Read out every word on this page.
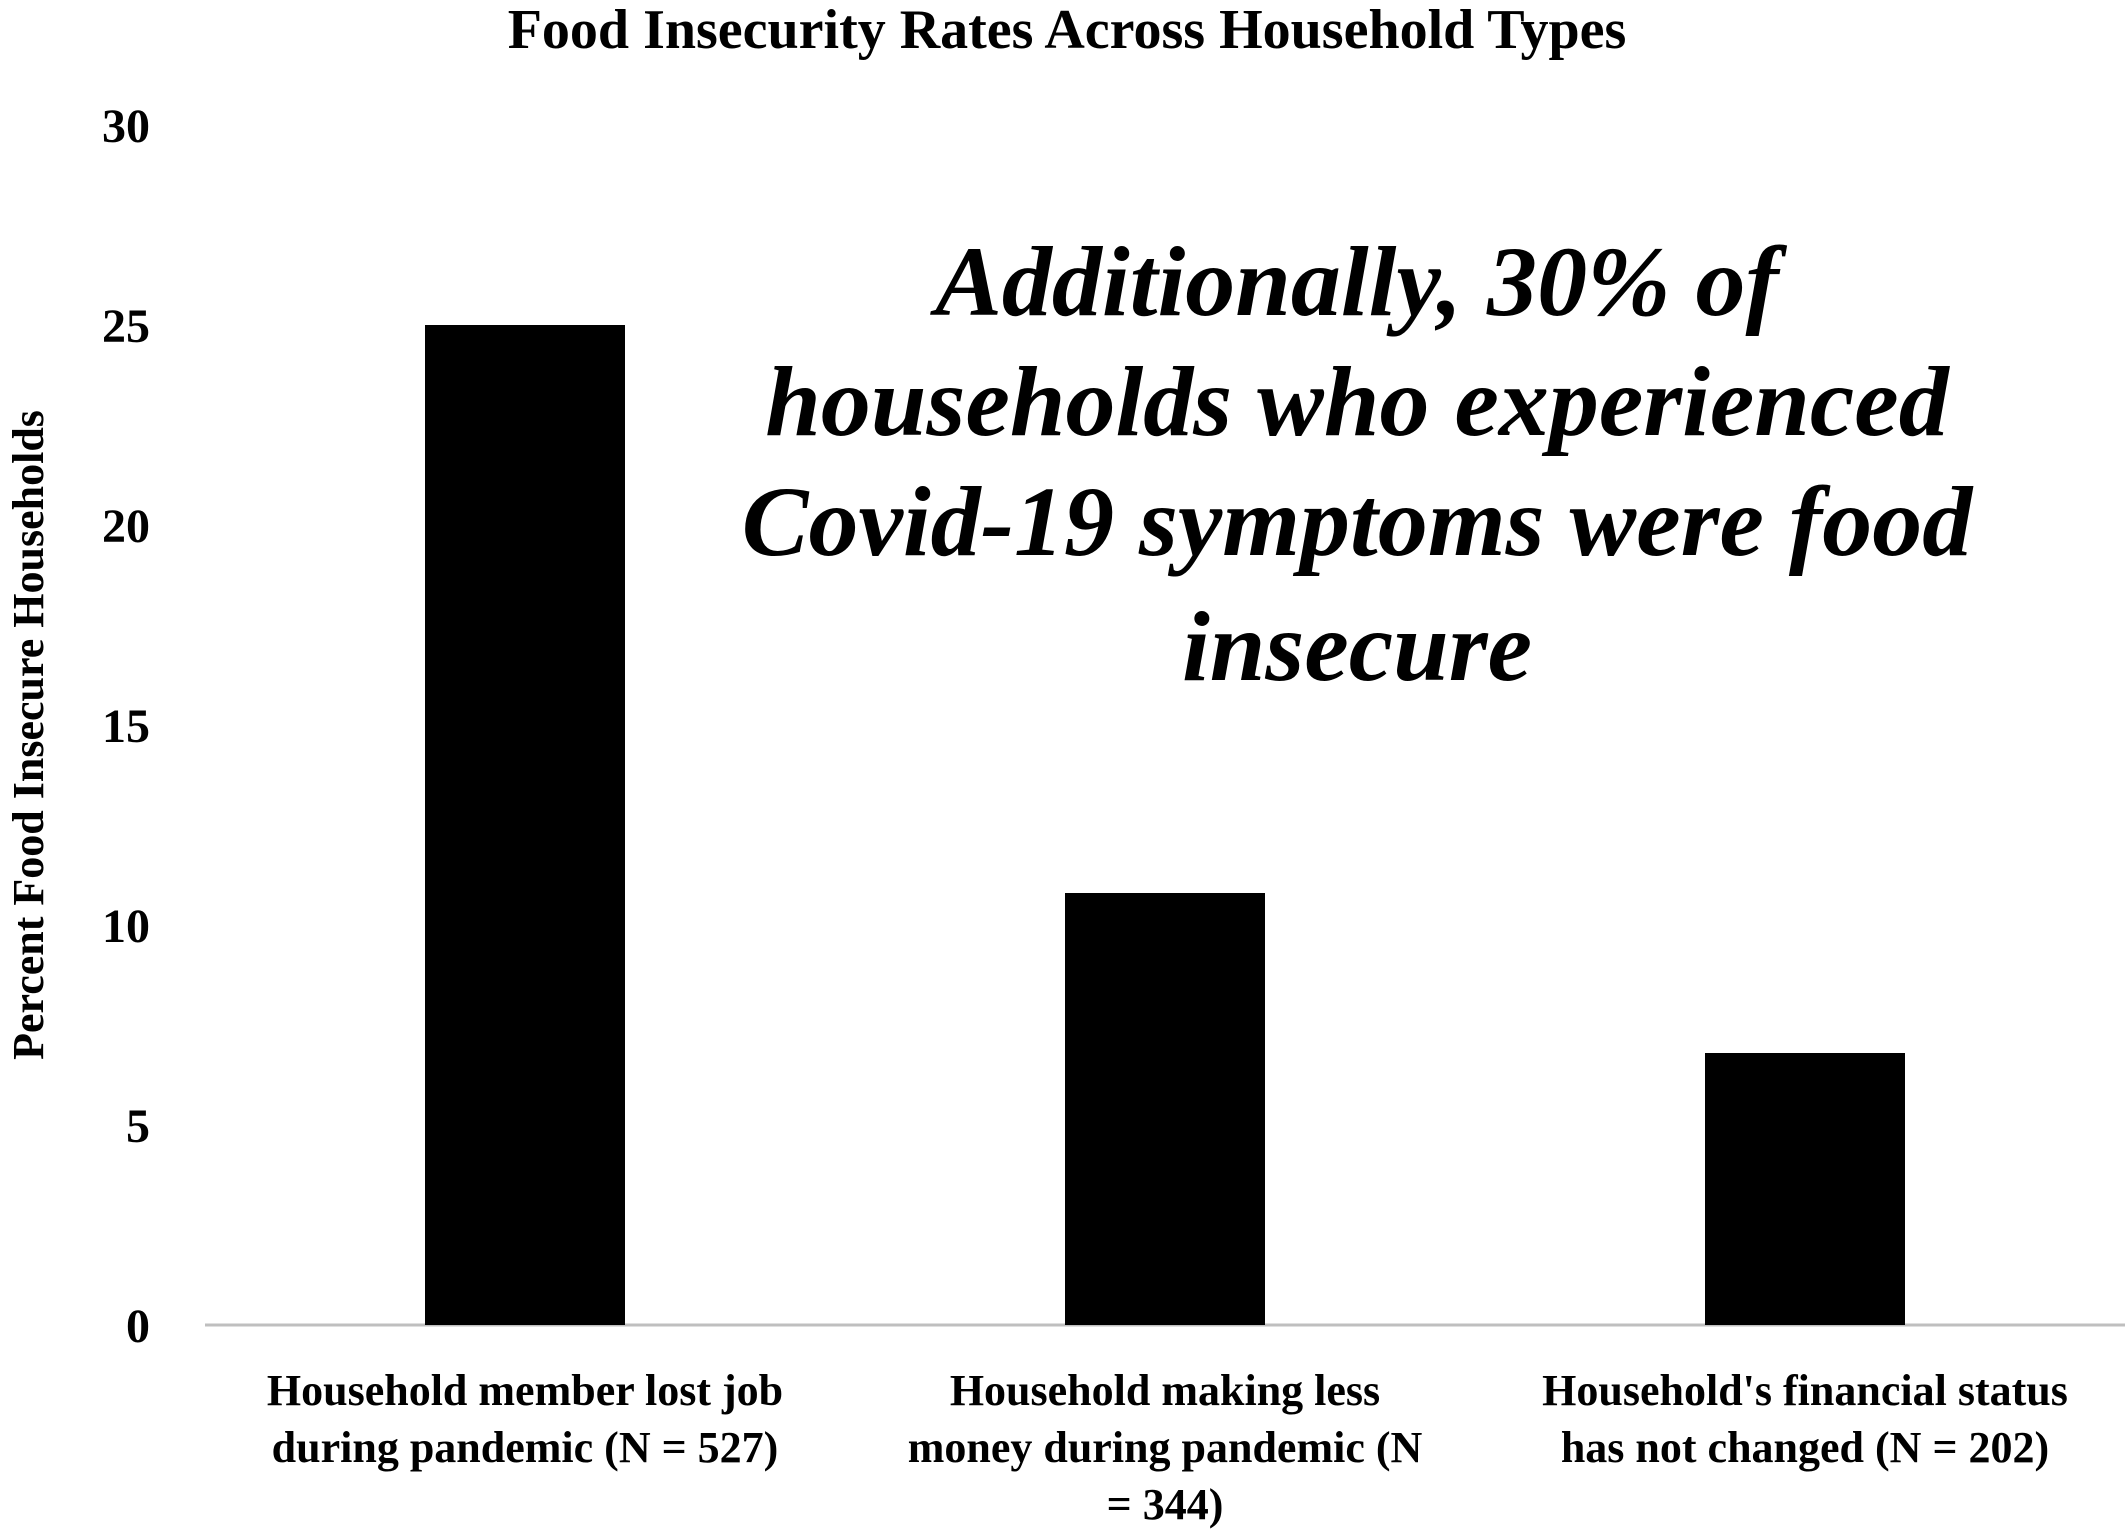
Food Insecurity Rates Across Household Types
Percent Food Insecure Households
0
5
10
15
20
25
30
Household member lost job
during pandemic (N = 527)
Household making less
money during pandemic (N
= 344)
Household's financial status
has not changed (N = 202)
Additionally, 30% of
households who experienced
Covid-19 symptoms were food
insecure
